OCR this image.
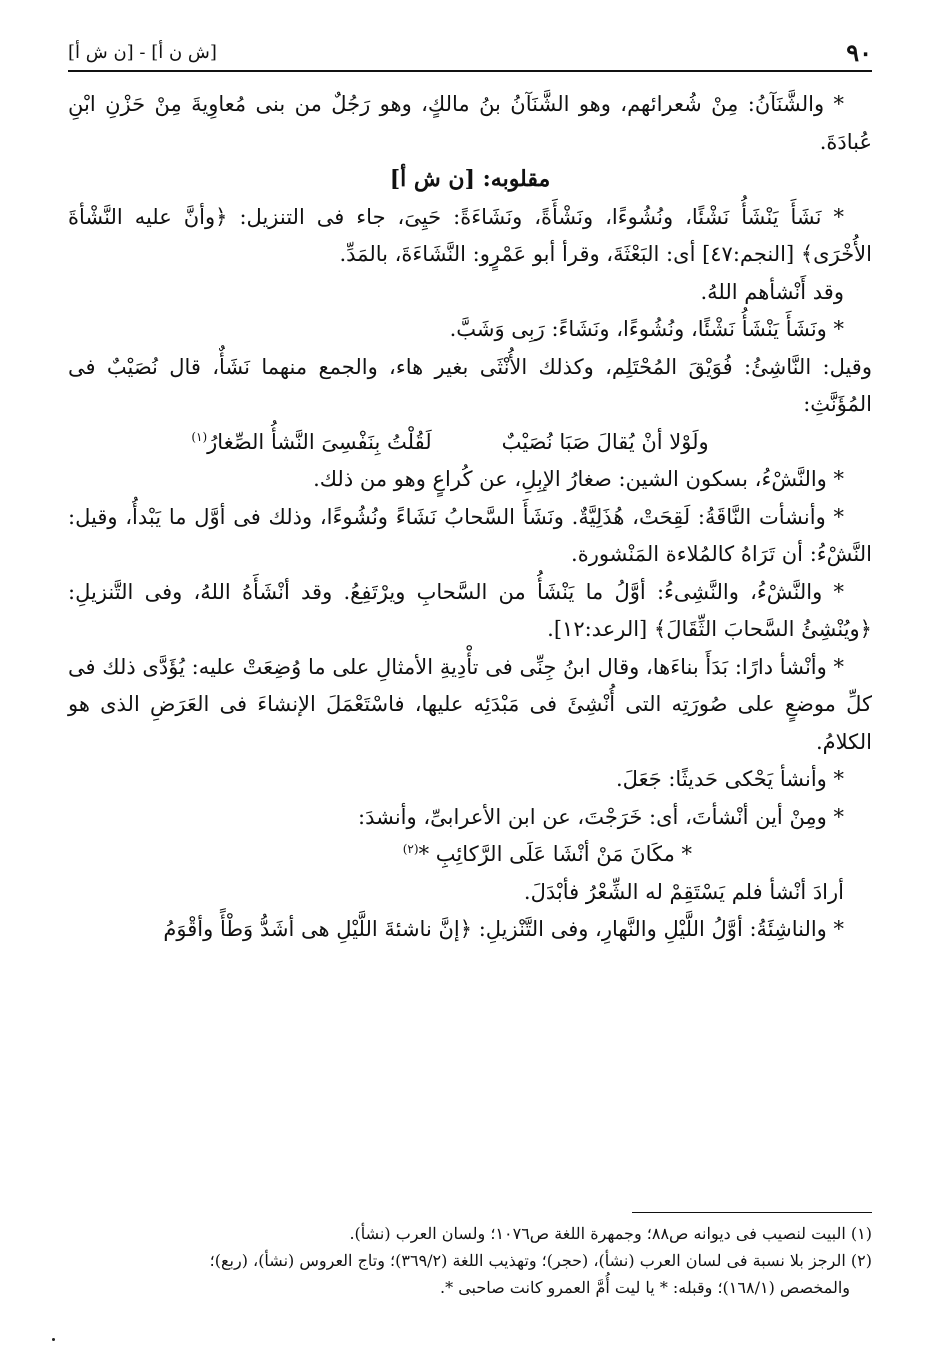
٩٠
[ش ن أ] - [ن ش أ]

* والشَّنَآنُ: مِنْ شُعرائهم، وهو الشَّنَآنُ بنُ مالكٍ، وهو رَجُلٌ من بنى مُعاوِيةَ مِنْ حَزْنِ ابْنِ عُبادَةَ.

مقلوبه: [ن ش أ]

* نَشَأَ يَنْشَأُ نَشْئًا، ونُشُوءًا، ونَشْأَةً، ونَشَاءَةً: حَيِىَ، جاء فى التنزيل: ﴿وأنَّ عليه النَّشْأةَ الأُخْرَى﴾ [النجم:٤٧] أى: البَعْثَةَ، وقرأ أبو عَمْرٍو: النَّشَاءَةَ، بالمَدِّ.

وقد أَنْشأهم اللهُ.

* ونَشَأَ يَنْشَأُ نَشْئًا، ونُشُوءًا، ونَشَاءً: رَبِى وَشَبَّ.

وقيل: النَّاشِئُ: فُوَيْقَ المُحْتَلِم، وكذلك الأُنْثَى بغير هاء، والجمع منهما نَشَأٌ، قال نُصَيْبٌ فى المُؤَنَّثِ:

ولَوْلا أنْ يُقالَ صَبَا نُصَيْبٌ
لَقُلْتُ بِنَفْسِىَ النَّشأُ الصِّغارُ$^{(١)}$

* والنَّشْءُ، بسكون الشين: صغارُ الإبِلِ، عن كُراعٍ وهو من ذلك.

* وأنشأت النَّاقَةُ: لَقِحَتْ، هُذَلِيَّةٌ. ونَشَأَ السَّحابُ نَشَاءً ونُشُوءًا، وذلك فى أوَّل ما يَبْدأُ، وقيل: النَّشْءُ: أن تَرَاهُ كالمُلاءة المَنْشورة.

* والنَّشْءُ، والنَّشِىءُ: أوَّلُ ما يَنْشَأُ من السَّحابِ ويرْتَفِعُ. وقد أنْشَأَهُ اللهُ، وفى التَّنزيلِ: ﴿ويُنْشِئُ السَّحابَ الثِّقَالَ﴾ [الرعد:١٢].

* وأنْشأ دارًا: بَدَأَ بناءَها، وقال ابنُ جِنِّى فى تأْدِيةِ الأمثالِ على ما وُضِعَتْ عليه: يُؤَدَّى ذلك فى كلِّ موضعٍ على صُورَتِه التى أُنْشِئَ فى مَبْدَئِه عليها، فاسْتَعْمَلَ الإنشاءَ فى العَرَضِ الذى هو الكلامُ.

* وأنشأ يَحْكى حَديثًا: جَعَلَ.

* ومِنْ أين أنْشأتَ، أى: خَرَجْتَ، عن ابن الأعرابىِّ، وأنشدَ:

* مكَانَ مَنْ أنْشَا عَلَى الرَّكائِبِ *$^{(٢)}$

أرادَ أنْشأ فلم يَسْتَقِمْ له الشِّعْرُ فأبْدَلَ.

* والناشِئَةُ: أوَّلُ اللَّيْلِ والنَّهارِ، وفى التَّنْزيلِ: ﴿إنَّ ناشئةَ اللَّيْلِ هى أشَدُّ وَطْأً وأقْوَمُ

(١) البيت لنصيب فى ديوانه ص٨٨؛ وجمهرة اللغة ص١٠٧٦؛ ولسان العرب (نشأ).

(٢) الرجز بلا نسبة فى لسان العرب (نشأ)، (حجر)؛ وتهذيب اللغة (٣٦٩/٢)؛ وتاج العروس (نشأ)، (ربع)؛

والمخصص (١٦٨/١)؛ وقبله: * يا ليت أُمَّ العمرو كانت صاحبى *.
